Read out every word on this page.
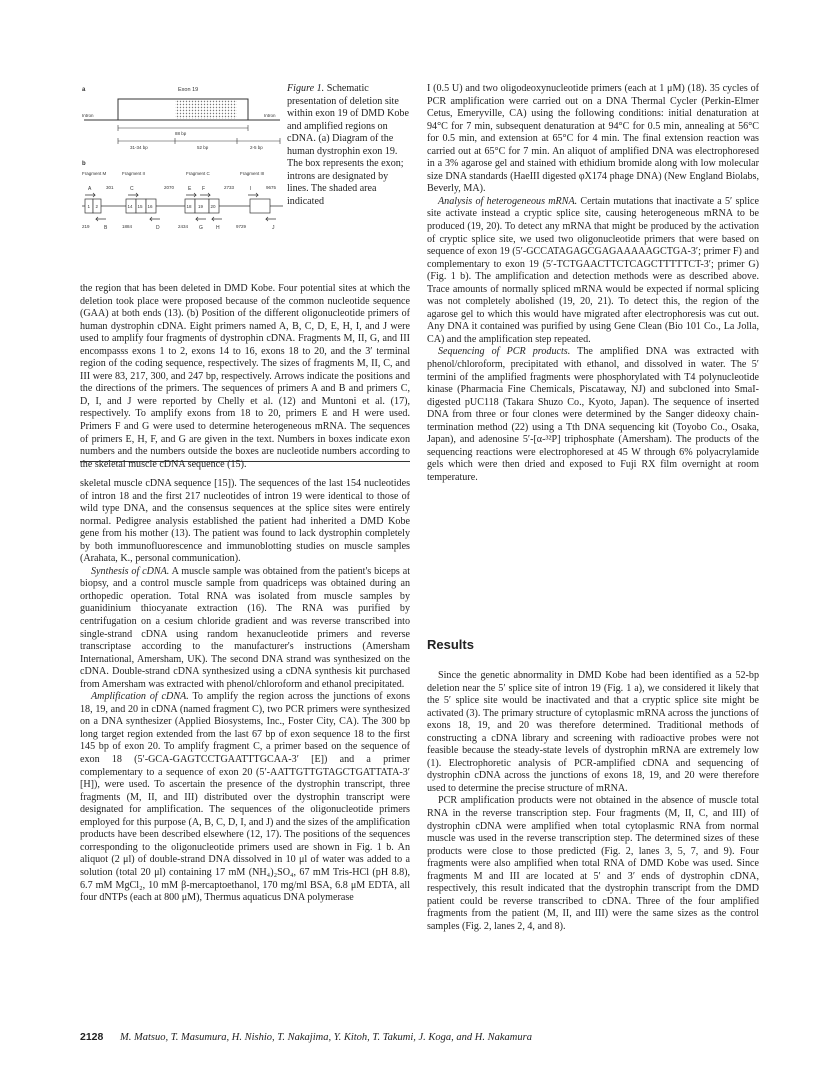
a	Exon 19
Intron	Intron
88 bp
31-34 bp	52 bp	2-5 bp
b
Fragment M	Fragment II	Fragment C	Fragment III
A	301	C	2070	E F	2733	I	9675
1 2	14 15 16	18 19 20
219	B	1884	D	2434 G	H	9729	J
Figure 1. Schematic presentation of deletion site within exon 19 of DMD Kobe and amplified regions on cDNA. (a) Diagram of the human dystrophin exon 19. The box represents the exon; introns are designated by lines. The shaded area indicated
the region that has been deleted in DMD Kobe. Four potential sites at which the deletion took place were proposed because of the common nucleotide sequence (GAA) at both ends (13). (b) Position of the different oligonucleotide primers of human dystrophin cDNA. Eight primers named A, B, C, D, E, H, I, and J were used to amplify four fragments of dystrophin cDNA. Fragments M, II, G, and III encompasss exons 1 to 2, exons 14 to 16, exons 18 to 20, and the 3′ terminal region of the coding sequence, respectively. The sizes of fragments M, II, C, and III were 83, 217, 300, and 247 bp, respectively. Arrows indicate the positions and the directions of the primers. The sequences of primers A and B and primers C, D, I, and J were reported by Chelly et al. (12) and Muntoni et al. (17), respectively. To amplify exons from 18 to 20, primers E and H were used. Primers F and G were used to determine heterogeneous mRNA. The sequences of primers E, H, F, and G are given in the text. Numbers in boxes indicate exon numbers and the numbers outside the boxes are nucleotide numbers according to the skeletal muscle cDNA sequence (15).

skeletal muscle cDNA sequence [15]). The sequences of the last 154 nucleotides of intron 18 and the first 217 nucleotides of intron 19 were identical to those of wild type DNA, and the consensus sequences at the splice sites were entirely normal. Pedigree analysis established the patient had inherited a DMD Kobe gene from his mother (13). The patient was found to lack dystrophin completely by both immunofluorescence and immunoblotting studies on muscle samples (Arahata, K., personal communication).

Synthesis of cDNA. A muscle sample was obtained from the patient's biceps at biopsy, and a control muscle sample from quadriceps was obtained during an orthopedic operation. Total RNA was isolated from muscle samples by guanidinium thiocyanate extraction (16). The RNA was purified by centrifugation on a cesium chloride gradient and was reverse transcribed into single-strand cDNA using random hexanucleotide primers and reverse transcriptase according to the manufacturer's instructions (Amersham International, Amersham, UK). The second DNA strand was synthesized on the cDNA. Double-strand cDNA synthesized using a cDNA synthesis kit purchased from Amersham was extracted with phenol/chloroform and ethanol precipitated.

Amplification of cDNA. To amplify the region across the junctions of exons 18, 19, and 20 in cDNA (named fragment C), two PCR primers were synthesized on a DNA synthesizer (Applied Biosystems, Inc., Foster City, CA). The 300 bp long target region extended from the last 67 bp of exon sequence 18 to the first 145 bp of exon 20. To amplify fragment C, a primer based on the sequence of exon 18 (5′-GCA-GAGTCCTGAATTTGCAA-3′ [E]) and a primer complementary to a sequence of exon 20 (5′-AATTGTTGTAGCTGATTATA-3′ [H]), were used. To ascertain the presence of the dystrophin transcript, three fragments (M, II, and III) distributed over the dystrophin transcript were designated for amplification. The sequences of the oligonucleotide primers employed for this purpose (A, B, C, D, I, and J) and the sizes of the amplification products have been described elsewhere (12, 17). The positions of the sequences corresponding to the oligonucleotide primers used are shown in Fig. 1 b. An aliquot (2 μl) of double-strand DNA dissolved in 10 μl of water was added to a solution (total 20 μl) containing 17 mM (NH₄)₂SO₄, 67 mM Tris-HCl (pH 8.8), 6.7 mM MgCl₂, 10 mM β-mercaptoethanol, 170 mg/ml BSA, 6.8 μM EDTA, all four dNTPs (each at 800 μM), Thermus aquaticus DNA polymerase

I (0.5 U) and two oligodeoxynucleotide primers (each at 1 μM) (18). 35 cycles of PCR amplification were carried out on a DNA Thermal Cycler (Perkin-Elmer Cetus, Emeryville, CA) using the following conditions: initial denaturation at 94°C for 7 min, subsequent denaturation at 94°C for 0.5 min, annealing at 56°C for 0.5 min, and extension at 65°C for 4 min. The final extension reaction was carried out at 65°C for 7 min. An aliquot of amplified DNA was electrophoresed in a 3% agarose gel and stained with ethidium bromide along with low molecular size DNA standards (HaeIII digested φX174 phage DNA) (New England Biolabs, Beverly, MA).

Analysis of heterogeneous mRNA. Certain mutations that inactivate a 5′ splice site activate instead a cryptic splice site, causing heterogeneous mRNA to be produced (19, 20). To detect any mRNA that might be produced by the activation of cryptic splice site, we used two oligonucleotide primers that were based on sequence of exon 19 (5′-GCCATAGAGCGAGAAAAAGCTGA-3′; primer F) and complementary to exon 19 (5′-TCTGAACTTCTCAGCTTTTTCT-3′; primer G) (Fig. 1 b). The amplification and detection methods were as described above. Trace amounts of normally spliced mRNA would be expected if normal splicing was not completely abolished (19, 20, 21). To detect this, the region of the agarose gel to which this would have migrated after electrophoresis was cut out. Any DNA it contained was purified by using Gene Clean (Bio 101 Co., La Jolla, CA) and the amplification step repeated.

Sequencing of PCR products. The amplified DNA was extracted with phenol/chloroform, precipitated with ethanol, and dissolved in water. The 5′ termini of the amplified fragments were phosphorylated with T4 polynucleotide kinase (Pharmacia Fine Chemicals, Piscataway, NJ) and subcloned into SmaI-digested pUC118 (Takara Shuzo Co., Kyoto, Japan). The sequence of inserted DNA from three or four clones were determined by the Sanger dideoxy chain-termination method (22) using a Tth DNA sequencing kit (Toyobo Co., Osaka, Japan), and adenosine 5′-[α-³²P] triphosphate (Amersham). The products of the sequencing reactions were electrophoresed at 45 W through 6% polyacrylamide gels which were then dried and exposed to Fuji RX film overnight at room temperature.

Results

Since the genetic abnormality in DMD Kobe had been identified as a 52-bp deletion near the 5′ splice site of intron 19 (Fig. 1 a), we considered it likely that the 5′ splice site would be inactivated and that a cryptic splice site might be activated (3). The primary structure of cytoplasmic mRNA across the junctions of exons 18, 19, and 20 was therefore determined. Traditional methods of constructing a cDNA library and screening with radioactive probes were not feasible because the steady-state levels of dystrophin mRNA are extremely low (1). Electrophoretic analysis of PCR-amplified cDNA and sequencing of dystrophin cDNA across the junctions of exons 18, 19, and 20 were therefore used to determine the precise structure of mRNA.

PCR amplification products were not obtained in the absence of muscle total RNA in the reverse transcription step. Four fragments (M, II, C, and III) of dystrophin cDNA were amplified when total cytoplasmic RNA from normal muscle was used in the reverse transcription step. The determined sizes of these products were close to those predicted (Fig. 2, lanes 3, 5, 7, and 9). Four fragments were also amplified when total RNA of DMD Kobe was used. Since fragments M and III are located at 5′ and 3′ ends of dystrophin cDNA, respectively, this result indicated that the dystrophin transcript from the DMD patient could be reverse transcribed to cDNA. Three of the four amplified fragments from the patient (M, II, and III) were the same sizes as the control samples (Fig. 2, lanes 2, 4, and 8).

2128 M. Matsuo, T. Masumura, H. Nishio, T. Nakajima, Y. Kitoh, T. Takumi, J. Koga, and H. Nakamura
